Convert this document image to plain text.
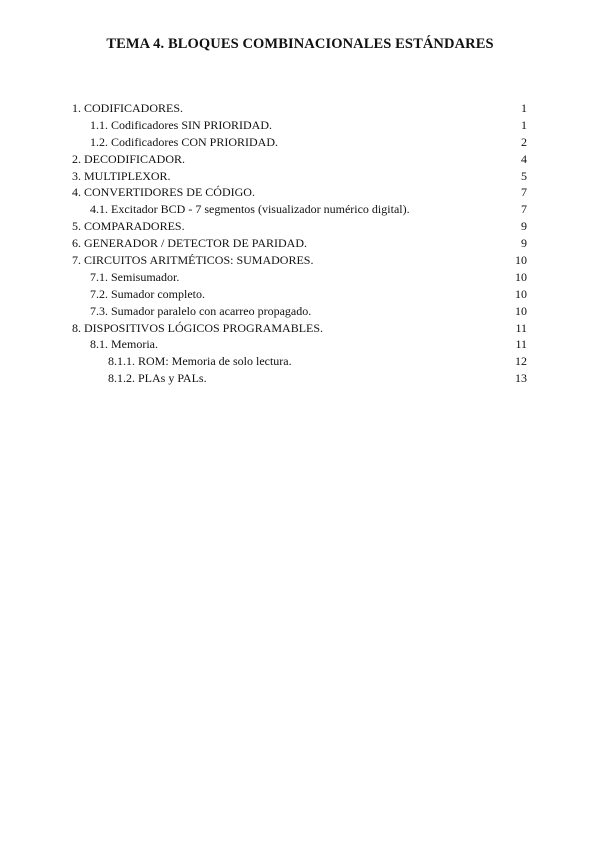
TEMA 4. BLOQUES COMBINACIONALES ESTÁNDARES
1. CODIFICADORES.	1
1.1. Codificadores SIN PRIORIDAD.	1
1.2. Codificadores CON PRIORIDAD.	2
2. DECODIFICADOR.	4
3. MULTIPLEXOR.	5
4. CONVERTIDORES DE CÓDIGO.	7
4.1. Excitador BCD - 7 segmentos (visualizador numérico digital).	7
5. COMPARADORES.	9
6. GENERADOR / DETECTOR DE PARIDAD.	9
7. CIRCUITOS ARITMÉTICOS: SUMADORES.	10
7.1. Semisumador.	10
7.2. Sumador completo.	10
7.3. Sumador paralelo con acarreo propagado.	10
8. DISPOSITIVOS LÓGICOS PROGRAMABLES.	11
8.1. Memoria.	11
8.1.1. ROM: Memoria de solo lectura.	12
8.1.2. PLAs y PALs.	13
